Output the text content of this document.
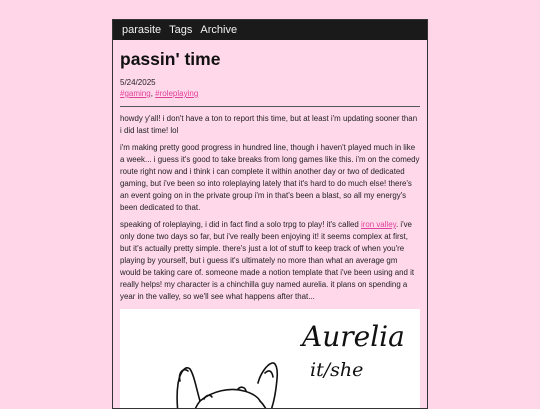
parasite Tags Archive
passin' time
5/24/2025
#gaming, #roleplaying

howdy y'all! i don't have a ton to report this time, but at least i'm updating sooner than i did last time! lol

i'm making pretty good progress in hundred line, though i haven't played much in like a week... i guess it's good to take breaks from long games like this. i'm on the comedy route right now and i think i can complete it within another day or two of dedicated gaming, but i've been so into roleplaying lately that it's hard to do much else! there's an event going on in the private group i'm in that's been a blast, so all my energy's been dedicated to that.

speaking of roleplaying, i did in fact find a solo trpg to play! it's called iron valley. i've only done two days so far, but i've really been enjoying it! it seems complex at first, but it's actually pretty simple. there's just a lot of stuff to keep track of when you're playing by yourself, but i guess it's ultimately no more than what an average gm would be taking care of. someone made a notion template that i've been using and it really helps! my character is a chinchilla guy named aurelia. it plans on spending a year in the valley, so we'll see what happens after that...

Aurelia
it/she
